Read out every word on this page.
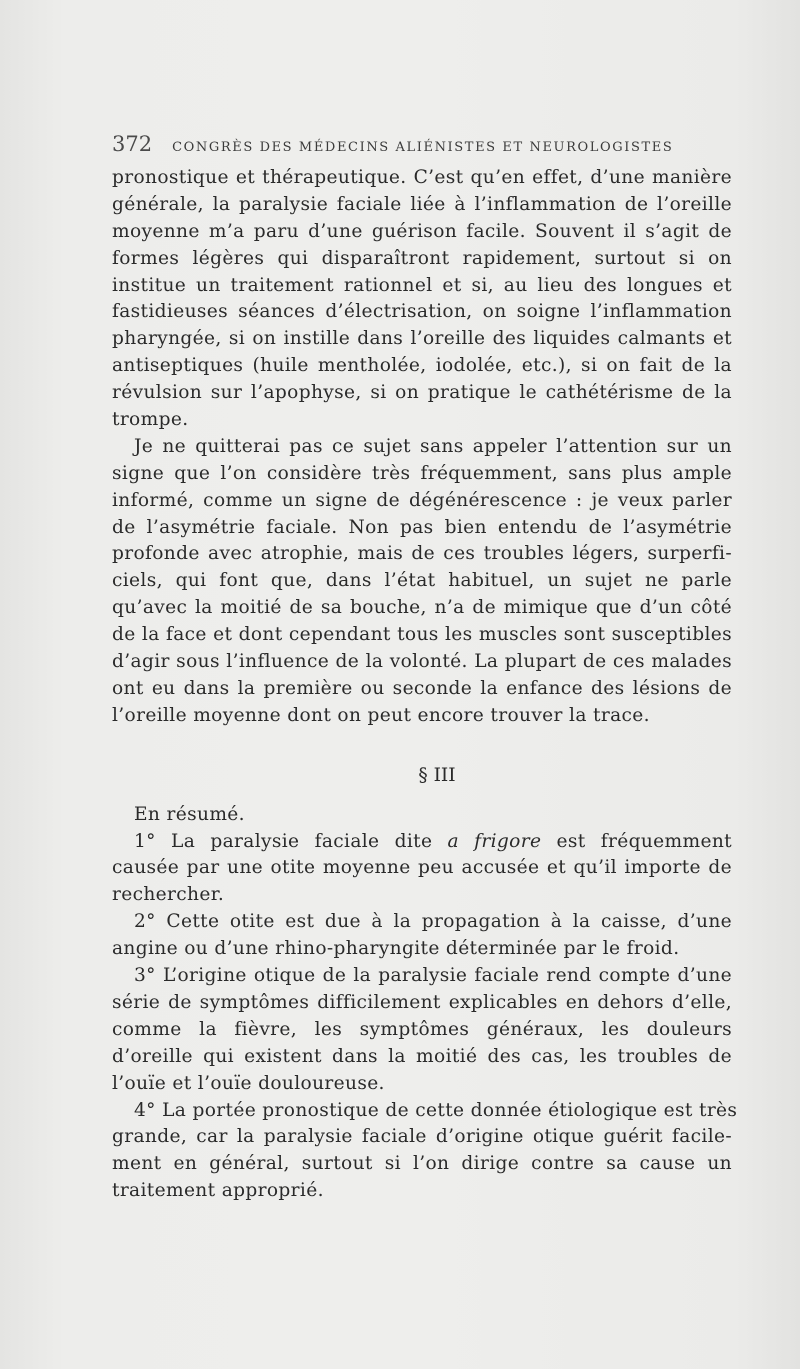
372 CONGRÈS DES MÉDECINS ALIÉNISTES ET NEUROLOGISTES
pronostique et thérapeutique. C’est qu’en effet, d’une manière
générale, la paralysie faciale liée à l’inflammation de l’oreille
moyenne m’a paru d’une guérison facile. Souvent il s’agit de
formes légères qui disparaîtront rapidement, surtout si on
institue un traitement rationnel et si, au lieu des longues et
fastidieuses séances d’électrisation, on soigne l’inflammation
pharyngée, si on instille dans l’oreille des liquides calmants et
antiseptiques (huile mentholée, iodolée, etc.), si on fait de la
révulsion sur l’apophyse, si on pratique le cathétérisme de la
trompe.
Je ne quitterai pas ce sujet sans appeler l’attention sur un
signe que l’on considère très fréquemment, sans plus ample
informé, comme un signe de dégénérescence : je veux parler
de l’asymétrie faciale. Non pas bien entendu de l’asymétrie
profonde avec atrophie, mais de ces troubles légers, surperfi-
ciels, qui font que, dans l’état habituel, un sujet ne parle
qu’avec la moitié de sa bouche, n’a de mimique que d’un côté
de la face et dont cependant tous les muscles sont susceptibles
d’agir sous l’influence de la volonté. La plupart de ces malades
ont eu dans la première ou seconde la enfance des lésions de
l’oreille moyenne dont on peut encore trouver la trace.
§ III
En résumé.
1° La paralysie faciale dite a frigore est fréquemment
causée par une otite moyenne peu accusée et qu’il importe de
rechercher.
2° Cette otite est due à la propagation à la caisse, d’une
angine ou d’une rhino-pharyngite déterminée par le froid.
3° L’origine otique de la paralysie faciale rend compte d’une
série de symptômes difficilement explicables en dehors d’elle,
comme la fièvre, les symptômes généraux, les douleurs
d’oreille qui existent dans la moitié des cas, les troubles de
l’ouïe et l’ouïe douloureuse.
4° La portée pronostique de cette donnée étiologique est très
grande, car la paralysie faciale d’origine otique guérit facile-
ment en général, surtout si l’on dirige contre sa cause un
traitement approprié.
